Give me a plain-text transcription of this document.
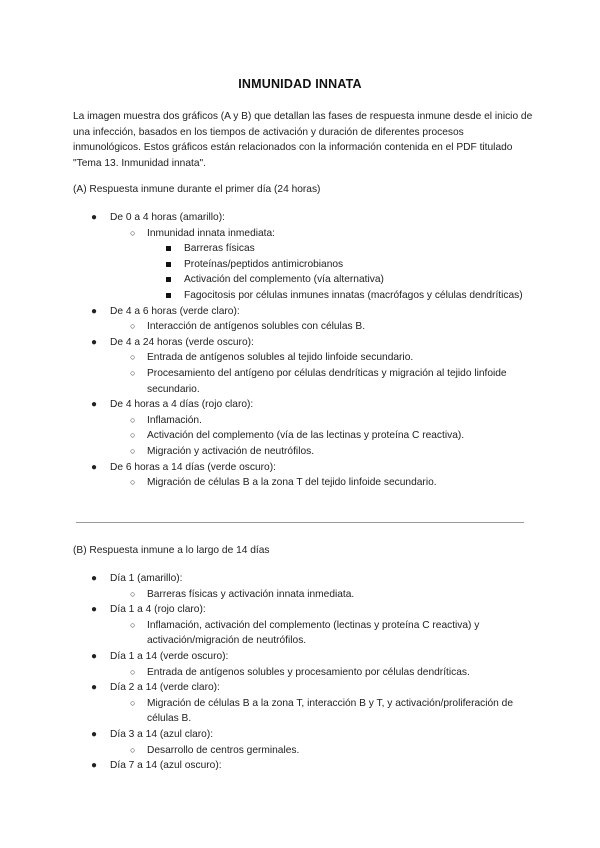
INMUNIDAD INNATA
La imagen muestra dos gráficos (A y B) que detallan las fases de respuesta inmune desde el inicio de una infección, basados en los tiempos de activación y duración de diferentes procesos inmunológicos. Estos gráficos están relacionados con la información contenida en el PDF titulado "Tema 13. Inmunidad innata".
(A) Respuesta inmune durante el primer día (24 horas)
● De 0 a 4 horas (amarillo):
○ Inmunidad innata inmediata:
Barreras físicas
Proteínas/peptidos antimicrobianos
Activación del complemento (vía alternativa)
Fagocitosis por células inmunes innatas (macrófagos y células dendríticas)
● De 4 a 6 horas (verde claro):
○ Interacción de antígenos solubles con células B.
● De 4 a 24 horas (verde oscuro):
○ Entrada de antígenos solubles al tejido linfoide secundario.
○ Procesamiento del antígeno por células dendríticas y migración al tejido linfoide secundario.
● De 4 horas a 4 días (rojo claro):
○ Inflamación.
○ Activación del complemento (vía de las lectinas y proteína C reactiva).
○ Migración y activación de neutrófilos.
● De 6 horas a 14 días (verde oscuro):
○ Migración de células B a la zona T del tejido linfoide secundario.
(B) Respuesta inmune a lo largo de 14 días
● Día 1 (amarillo):
○ Barreras físicas y activación innata inmediata.
● Día 1 a 4 (rojo claro):
○ Inflamación, activación del complemento (lectinas y proteína C reactiva) y activación/migración de neutrófilos.
● Día 1 a 14 (verde oscuro):
○ Entrada de antígenos solubles y procesamiento por células dendríticas.
● Día 2 a 14 (verde claro):
○ Migración de células B a la zona T, interacción B y T, y activación/proliferación de células B.
● Día 3 a 14 (azul claro):
○ Desarrollo de centros germinales.
● Día 7 a 14 (azul oscuro):
